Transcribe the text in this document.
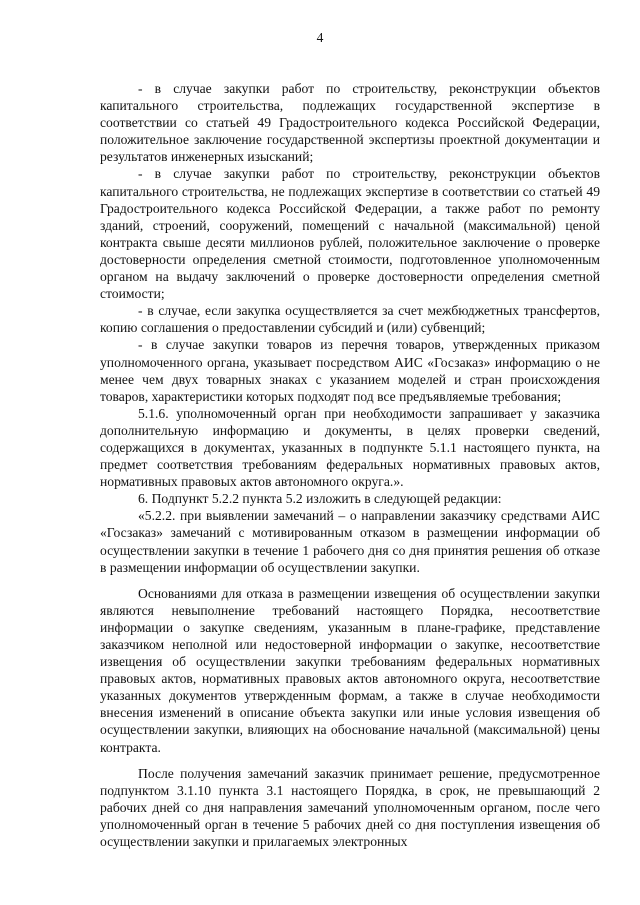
4

- в случае закупки работ по строительству, реконструкции объектов капитального строительства, подлежащих государственной экспертизе в соответствии со статьей 49 Градостроительного кодекса Российской Федерации, положительное заключение государственной экспертизы проектной документации и результатов инженерных изысканий;

- в случае закупки работ по строительству, реконструкции объектов капитального строительства, не подлежащих экспертизе в соответствии со статьей 49 Градостроительного кодекса Российской Федерации, а также работ по ремонту зданий, строений, сооружений, помещений с начальной (максимальной) ценой контракта свыше десяти миллионов рублей, положительное заключение о проверке достоверности определения сметной стоимости, подготовленное уполномоченным органом на выдачу заключений о проверке достоверности определения сметной стоимости;

- в случае, если закупка осуществляется за счет межбюджетных трансфертов, копию соглашения о предоставлении субсидий и (или) субвенций;

- в случае закупки товаров из перечня товаров, утвержденных приказом уполномоченного органа, указывает посредством АИС «Госзаказ» информацию о не менее чем двух товарных знаках с указанием моделей и стран происхождения товаров, характеристики которых подходят под все предъявляемые требования;

5.1.6. уполномоченный орган при необходимости запрашивает у заказчика дополнительную информацию и документы, в целях проверки сведений, содержащихся в документах, указанных в подпункте 5.1.1 настоящего пункта, на предмет соответствия требованиям федеральных нормативных правовых актов, нормативных правовых актов автономного округа.».

6. Подпункт 5.2.2 пункта 5.2 изложить в следующей редакции:

«5.2.2. при выявлении замечаний – о направлении заказчику средствами АИС «Госзаказ» замечаний с мотивированным отказом в размещении информации об осуществлении закупки в течение 1 рабочего дня со дня принятия решения об отказе в размещении информации об осуществлении закупки.

Основаниями для отказа в размещении извещения об осуществлении закупки являются невыполнение требований настоящего Порядка, несоответствие информации о закупке сведениям, указанным в плане-графике, представление заказчиком неполной или недостоверной информации о закупке, несоответствие извещения об осуществлении закупки требованиям федеральных нормативных правовых актов, нормативных правовых актов автономного округа, несоответствие указанных документов утвержденным формам, а также в случае необходимости внесения изменений в описание объекта закупки или иные условия извещения об осуществлении закупки, влияющих на обоснование начальной (максимальной) цены контракта.

После получения замечаний заказчик принимает решение, предусмотренное подпунктом 3.1.10 пункта 3.1 настоящего Порядка, в срок, не превышающий 2 рабочих дней со дня направления замечаний уполномоченным органом, после чего уполномоченный орган в течение 5 рабочих дней со дня поступления извещения об осуществлении закупки и прилагаемых электронных
